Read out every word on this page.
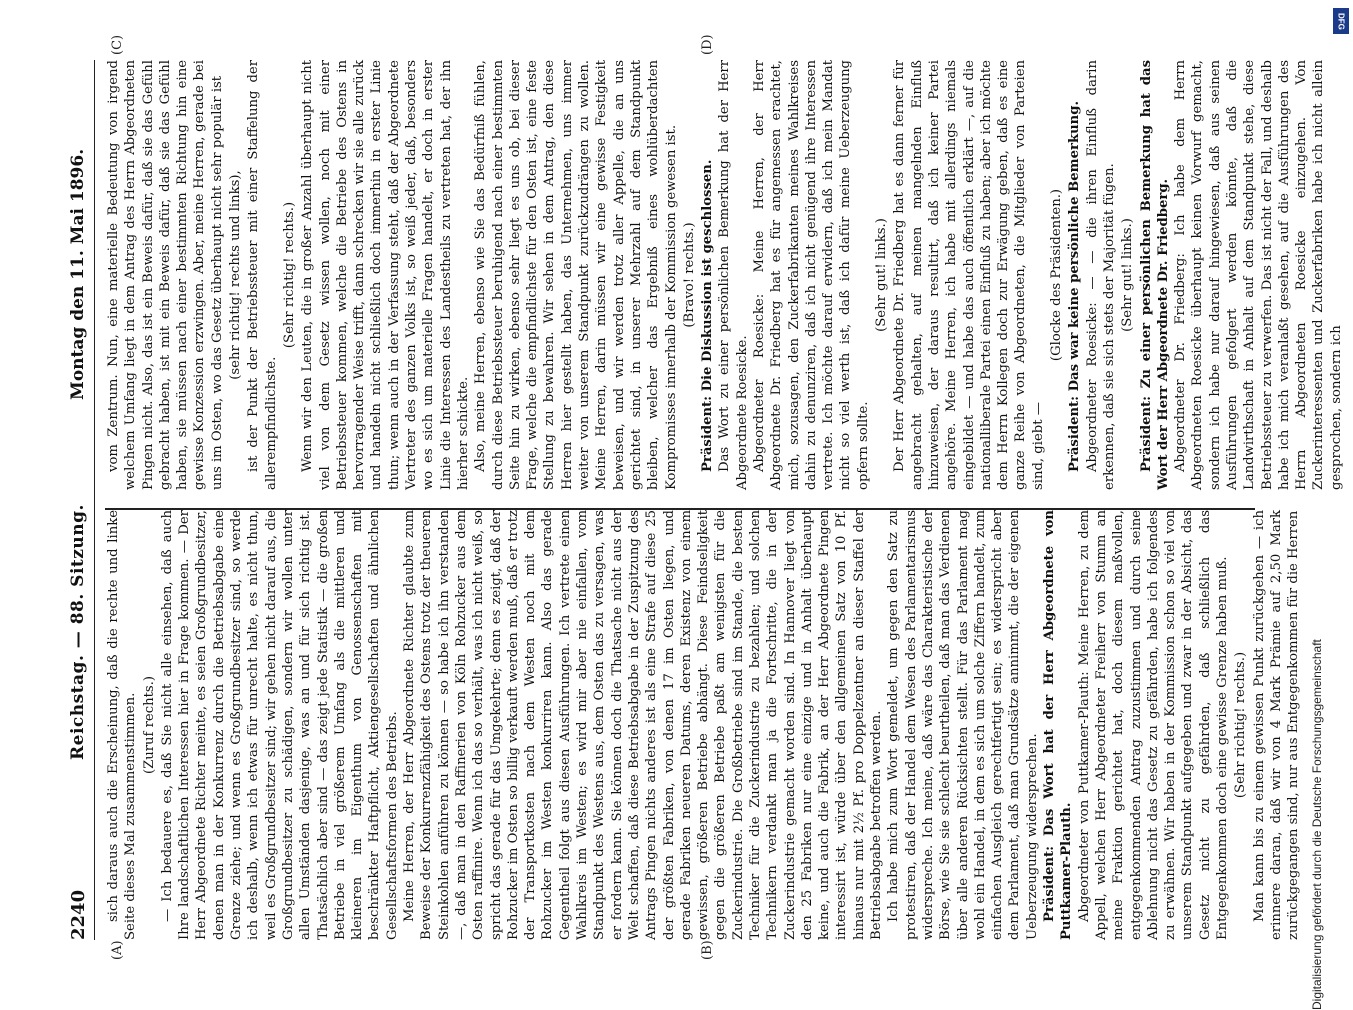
2240
Reichstag. — 88. Sitzung.
Montag den 11. Mai 1896.
(A)	(B)
(C)	(D)

sich daraus auch die Erscheinung, daß die rechte und linke Seite dieses Mal zusammenstimmen. (Zuruf rechts.) — Ich bedauere es, daß Sie nicht alle einsehen, daß auch Ihre landschaftlichen Interessen hier in Frage kommen. — Der Herr Abgeordnete Richter meinte, es seien Großgrundbesitzer, denen man in der Konkurrenz durch die Betriebsabgabe eine Grenze ziehe; und wenn es Großgrundbesitzer sind, so werde ich deshalb, wenn ich etwas für unrecht halte, es nicht thun, weil es Großgrundbesitzer sind; wir gehen nicht darauf aus, die Großgrundbesitzer zu schädigen, sondern wir wollen unter allen Umständen dasjenige, was an und für sich richtig ist. Thatsächlich aber sind — das zeigt jede Statistik — die großen Betriebe in viel größerem Umfang als die mittleren und kleineren im Eigenthum von Genossenschaften mit beschränkter Haftpflicht, Aktiengesellschaften und ähnlichen Gesellschaftsformen des Betriebs. Meine Herren, der Herr Abgeordnete Richter glaubte zum Beweise der Konkurrenzfähigkeit des Ostens trotz der theueren Steinkohlen anführen zu können — so habe ich ihn verstanden —, daß man in den Raffinerien von Köln Rohzucker aus dem Osten raffinire. Wenn ich das so verhält, was ich nicht weiß, so spricht das gerade für das Umgekehrte; denn es zeigt, daß der Rohzucker im Osten so billig verkauft werden muß, daß er trotz der Transportkosten nach dem Westen noch mit dem Rohzucker im Westen konkurriren kann. Also das gerade Gegentheil folgt aus diesen Ausführungen. Ich vertrete einen Wahlkreis im Westen; es wird mir aber nie einfallen, vom Standpunkt des Westens aus, dem Osten das zu versagen, was er fordern kann. Sie können doch die Thatsache nicht aus der Welt schaffen, daß diese Betriebsabgabe in der Zuspitzung des Antrags Pingen nichts anderes ist als eine Strafe auf diese 25 der größten Fabriken, von denen 17 im Osten liegen, und gerade Fabriken neueren Datums, deren Existenz von einem gewissen, größeren Betriebe abhängt. Diese Feindseligkeit gegen die größeren Betriebe paßt am wenigsten für die Zuckerindustrie. Die Großbetriebe sind im Stande, die besten Techniker für die Zuckerindustrie zu bezahlen; und solchen Technikern verdankt man ja die Fortschritte, die in der Zuckerindustrie gemacht worden sind. In Hannover liegt von den 25 Fabriken nur eine einzige und in Anhalt überhaupt keine, und auch die Fabrik, an der Herr Abgeordnete Pingen interessirt ist, würde über den allgemeinen Satz von 10 Pf. hinaus nur mit 2½ Pf. pro Doppelzentner an dieser Staffel der Betriebsabgabe betroffen werden. Ich habe mich zum Wort gemeldet, um gegen den Satz zu protestiren, daß der Handel dem Wesen des Parlamentarismus widerspreche. Ich meine, daß wäre das Charakteristische der Börse, wie Sie sie schlecht beurtheilen, daß man das Verdienen über alle anderen Rücksichten stellt. Für das Parlament mag wohl ein Handel, in dem es sich um solche Ziffern handelt, zum einfachen Ausgleich gerechtfertigt sein; es widerspricht aber dem Parlament, daß man Grundsätze annimmt, die der eigenen Ueberzeugung widersprechen. Präsident: Das Wort hat der Herr Abgeordnete von Puttkamer-Plauth. Abgeordneter von Puttkamer-Plauth: Meine Herren, zu dem Appell, welchen Herr Abgeordneter Freiherr von Stumm an meine Fraktion gerichtet hat, doch diesem maßvollen, entgegenkommenden Antrag zuzustimmen und durch seine Ablehnung nicht das Gesetz zu gefährden, habe ich folgendes zu erwähnen. Wir haben in der Kommission schon so viel von unserem Standpunkt aufgegeben und zwar in der Absicht, das Gesetz nicht zu gefährden, daß schließlich das Entgegenkommen doch eine gewisse Grenze haben muß. (Sehr richtig! rechts.) Man kann bis zu einem gewissen Punkt zurückgehen — ich erinnere daran, daß wir von 4 Mark Prämie auf 2,50 Mark zurückgegangen sind, nur aus Entgegenkommen für die Herren

vom Zentrum. Nun, eine materielle Bedeutung von irgend welchem Umfang liegt in dem Antrag des Herrn Abgeordneten Pingen nicht. Also, das ist ein Beweis dafür, daß sie das Gefühl gebracht haben, ist mit ein Beweis dafür, daß sie das Gefühl haben, sie müssen nach einer bestimmten Richtung hin eine gewisse Konzession erzwingen. Aber, meine Herren, gerade bei uns im Osten, wo das Gesetz überhaupt nicht sehr populär ist (sehr richtig! rechts und links), ist der Punkt der Betriebssteuer mit einer Staffelung der allerempfindlichste.

(Sehr richtig! rechts.) Wenn wir den Leuten, die in großer Anzahl überhaupt nicht viel von dem Gesetz wissen wollen, noch mit einer Betriebssteuer kommen, welche die Betriebe des Ostens in hervorragender Weise trifft, dann schrecken wir sie alle zurück und handeln nicht schließlich doch immerhin in erster Linie thun; wenn auch in der Verfassung steht, daß der Abgeordnete Vertreter des ganzen Volks ist, so weiß jeder, daß, besonders wo es sich um materielle Fragen handelt, er doch in erster Linie die Interessen des Landestheils zu vertreten hat, der ihn hierher schickte. Also, meine Herren, ebenso wie Sie das Bedürfniß fühlen, durch diese Betriebssteuer beruhigend nach einer bestimmten Seite hin zu wirken, ebenso sehr liegt es uns ob, bei dieser Frage, welche die empfindlichste für den Osten ist, eine feste Stellung zu bewahren. Wir sehen in dem Antrag, den diese Herren hier gestellt haben, das Unternehmen, uns immer weiter von unserem Standpunkt zurückzudrängen zu wollen. Meine Herren, darin müssen wir eine gewisse Festigkeit beweisen, und wir werden trotz aller Appelle, die an uns gerichtet sind, in unserer Mehrzahl auf dem Standpunkt bleiben, welcher das Ergebniß eines wohlüberdachten Kompromisses innerhalb der Kommission gewesen ist. (Bravo! rechts.) Präsident: Die Diskussion ist geschlossen. Das Wort zu einer persönlichen Bemerkung hat der Herr Abgeordnete Roesicke. Abgeordneter Roesicke: Meine Herren, der Herr Abgeordnete Dr. Friedberg hat es für angemessen erachtet, mich, sozusagen, den Zuckerfabrikanten meines Wahlkreises dahin zu denunziren, daß ich nicht genügend ihre Interessen vertrete. Ich möchte darauf erwidern, daß ich mein Mandat nicht so viel werth ist, daß ich dafür meine Ueberzeugung opfern sollte.

(Sehr gut! links.) Der Herr Abgeordnete Dr. Friedberg hat es dann ferner für angebracht gehalten, auf meinen mangelnden Einfluß hinzuweisen, der daraus resultirt, daß ich keiner Partei angehöre. Meine Herren, ich habe mit allerdings niemals eingebildet — und habe das auch öffentlich erklärt —, auf die nationalliberale Partei einen Einfluß zu haben; aber ich möchte dem Herrn Kollegen doch zur Erwägung geben, daß es eine ganze Reihe von Abgeordneten, die Mitglieder von Parteien sind, giebt —

(Glocke des Präsidenten.) Präsident: Das war keine persönliche Bemerkung. Abgeordneter Roesicke: — — die ihren Einfluß darin erkennen, daß sie sich stets der Majorität fügen. (Sehr gut! links.) Präsident: Zu einer persönlichen Bemerkung hat das Wort der Herr Abgeordnete Dr. Friedberg. Abgeordneter Dr. Friedberg: Ich habe dem Herrn Abgeordneten Roesicke überhaupt keinen Vorwurf gemacht, sondern ich habe nur darauf hingewiesen, daß aus seinen Ausführungen gefolgert werden könnte, daß die Landwirthschaft in Anhalt auf dem Standpunkt stehe, diese Betriebssteuer zu verwerfen. Das ist nicht der Fall, und deshalb habe ich mich veranlaßt gesehen, auf die Ausführungen des Herrn Abgeordneten Roesicke einzugehen. Von Zuckerinteressenten und Zuckerfabriken habe ich nicht allein gesprochen, sondern ich

Digitalisierung gefördert durch die Deutsche Forschungsgemeinschaft
DFG
